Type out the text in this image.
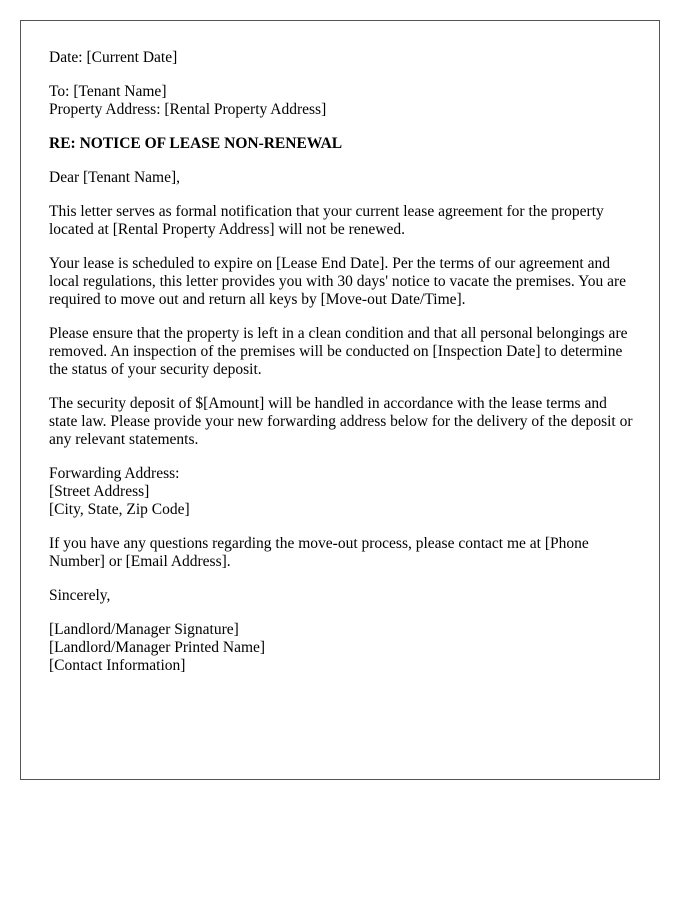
Date: [Current Date]
To: [Tenant Name]
Property Address: [Rental Property Address]
RE: NOTICE OF LEASE NON-RENEWAL
Dear [Tenant Name],
This letter serves as formal notification that your current lease agreement for the property located at [Rental Property Address] will not be renewed.
Your lease is scheduled to expire on [Lease End Date]. Per the terms of our agreement and local regulations, this letter provides you with 30 days' notice to vacate the premises. You are required to move out and return all keys by [Move-out Date/Time].
Please ensure that the property is left in a clean condition and that all personal belongings are removed. An inspection of the premises will be conducted on [Inspection Date] to determine the status of your security deposit.
The security deposit of $[Amount] will be handled in accordance with the lease terms and state law. Please provide your new forwarding address below for the delivery of the deposit or any relevant statements.
Forwarding Address:
[Street Address]
[City, State, Zip Code]
If you have any questions regarding the move-out process, please contact me at [Phone Number] or [Email Address].
Sincerely,
[Landlord/Manager Signature]
[Landlord/Manager Printed Name]
[Contact Information]
